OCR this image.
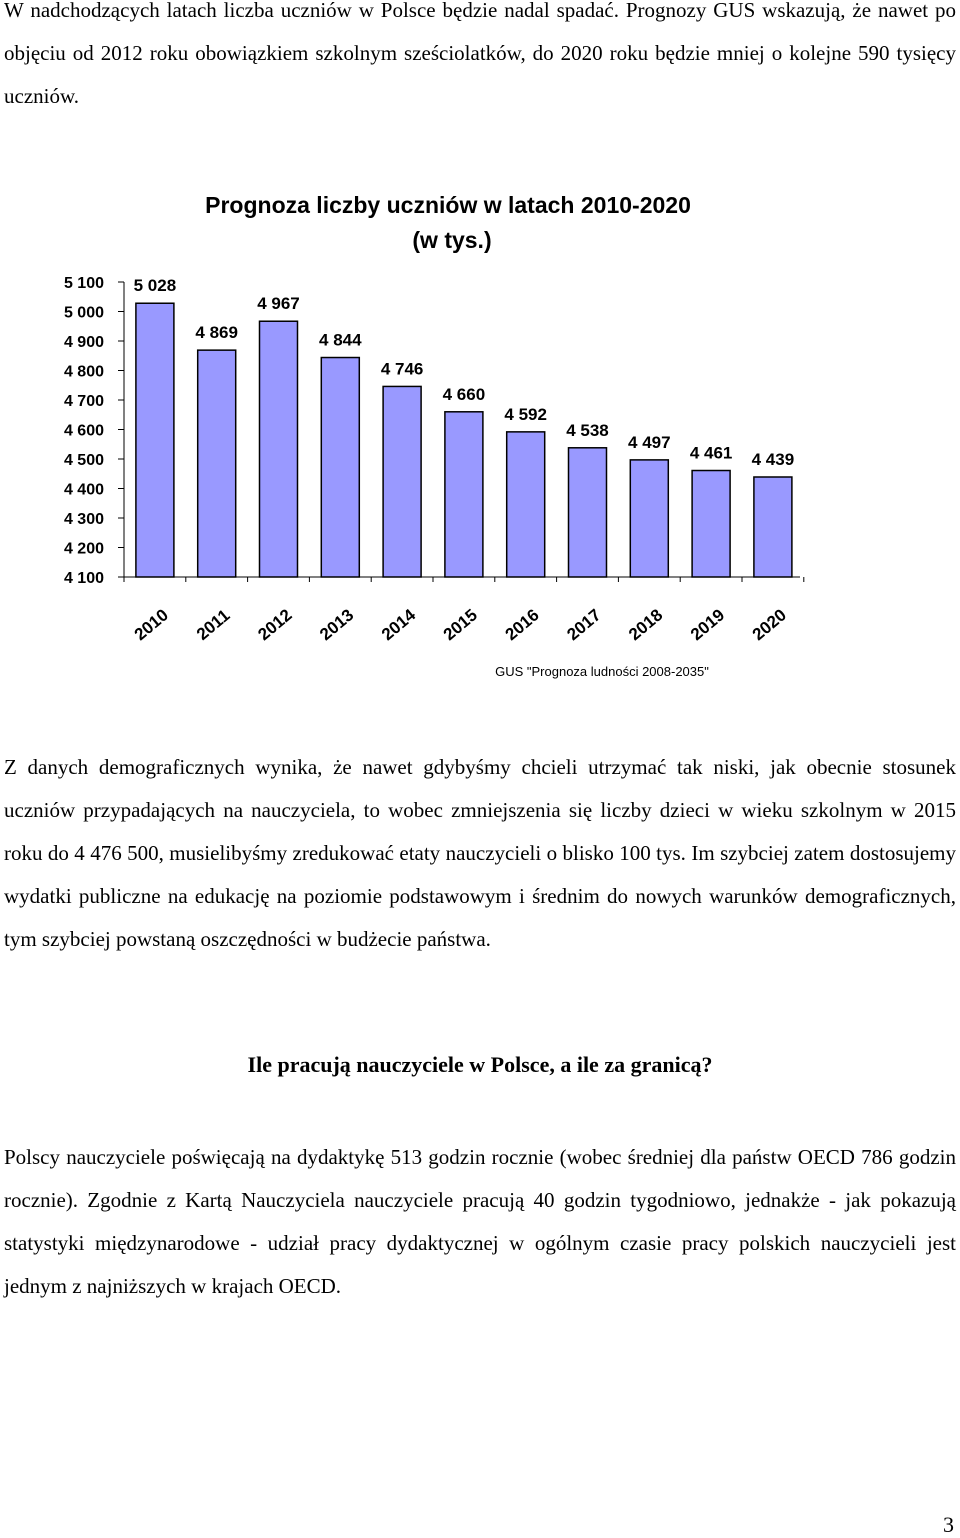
W nadchodzących latach liczba uczniów w Polsce będzie nadal spadać. Prognozy GUS wskazują, że nawet po objęciu od 2012 roku obowiązkiem szkolnym sześciolatków, do 2020 roku będzie mniej o kolejne 590 tysięcy uczniów.

Prognoza liczby uczniów w latach 2010-2020
(w tys.)
5 100
5 000
4 900
4 800
4 700
4 600
4 500
4 400
4 300
4 200
4 100
5 028
4 869
4 967
4 844
4 746
4 660
4 592
4 538
4 497
4 461 4 439
2010 2011 2012 2013 2014 2015 2016 2017 2018 2019 2020
GUS "Prognoza ludności 2008-2035"

Z danych demograficznych wynika, że nawet gdybyśmy chcieli utrzymać tak niski, jak obecnie stosunek uczniów przypadających na nauczyciela, to wobec zmniejszenia się liczby dzieci w wieku szkolnym w 2015 roku do 4 476 500, musielibyśmy zredukować etaty nauczycieli o blisko 100 tys. Im szybciej zatem dostosujemy wydatki publiczne na edukację na poziomie podstawowym i średnim do nowych warunków demograficznych, tym szybciej powstaną oszczędności w budżecie państwa.

Ile pracują nauczyciele w Polsce, a ile za granicą?

Polscy nauczyciele poświęcają na dydaktykę 513 godzin rocznie (wobec średniej dla państw OECD 786 godzin rocznie). Zgodnie z Kartą Nauczyciela nauczyciele pracują 40 godzin tygodniowo, jednakże - jak pokazują statystyki międzynarodowe - udział pracy dydaktycznej w ogólnym czasie pracy polskich nauczycieli jest jednym z najniższych w krajach OECD.

3
